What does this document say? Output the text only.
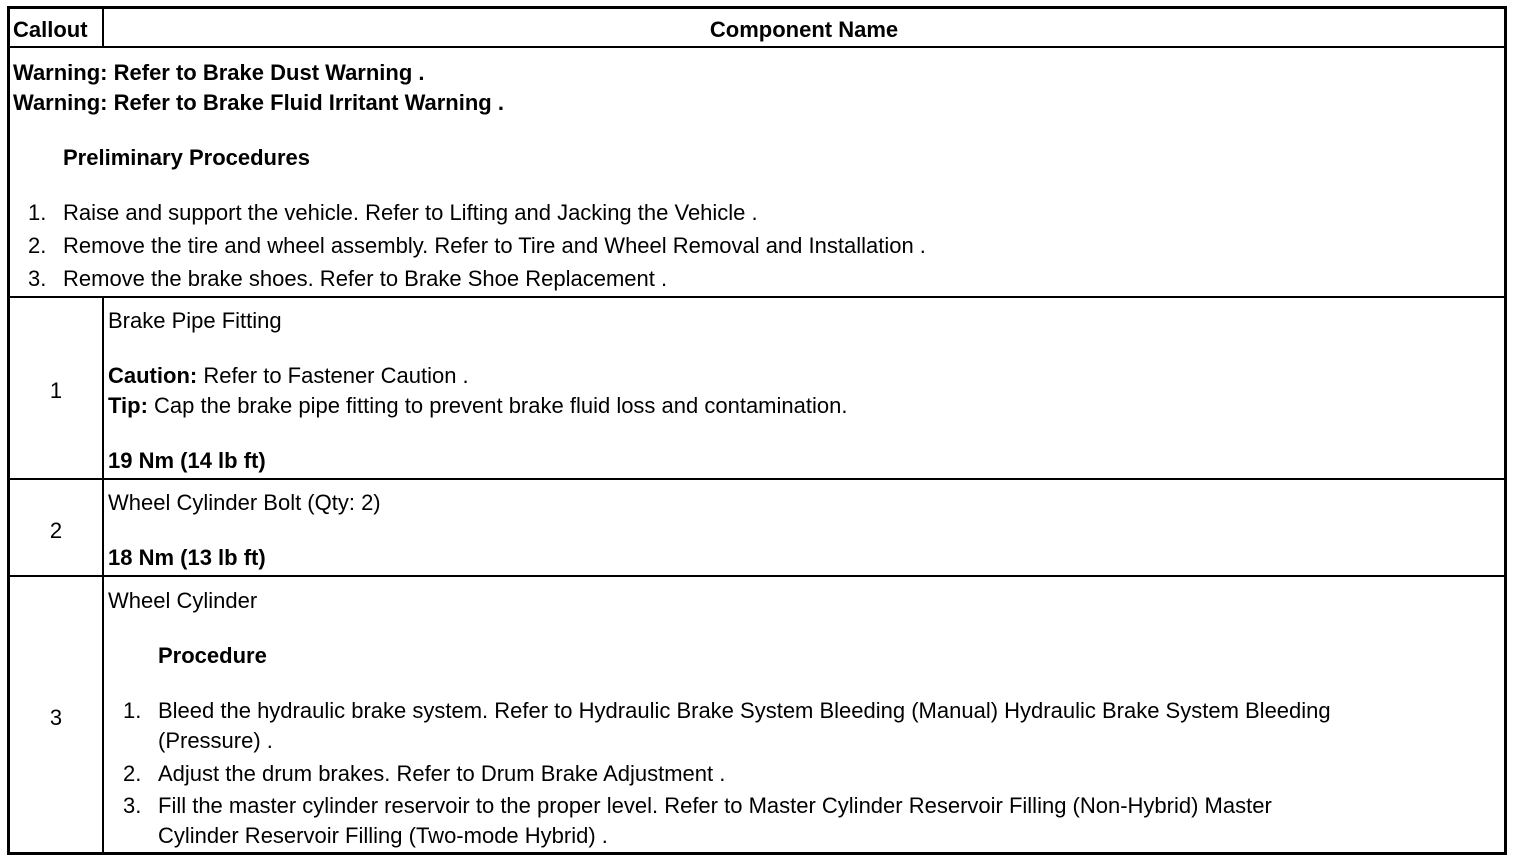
Callout	Component Name
Warning: Refer to Brake Dust Warning .
Warning: Refer to Brake Fluid Irritant Warning .
Preliminary Procedures
1. Raise and support the vehicle. Refer to Lifting and Jacking the Vehicle .
2. Remove the tire and wheel assembly. Refer to Tire and Wheel Removal and Installation .
3. Remove the brake shoes. Refer to Brake Shoe Replacement .
1
Brake Pipe Fitting
Caution: Refer to Fastener Caution .
Tip: Cap the brake pipe fitting to prevent brake fluid loss and contamination.
19 Nm (14 lb ft)
2
Wheel Cylinder Bolt (Qty: 2)
18 Nm (13 lb ft)
3
Wheel Cylinder
Procedure
1. Bleed the hydraulic brake system. Refer to Hydraulic Brake System Bleeding (Manual) Hydraulic Brake System Bleeding
(Pressure) .
2. Adjust the drum brakes. Refer to Drum Brake Adjustment .
3. Fill the master cylinder reservoir to the proper level. Refer to Master Cylinder Reservoir Filling (Non-Hybrid) Master
Cylinder Reservoir Filling (Two-mode Hybrid) .
